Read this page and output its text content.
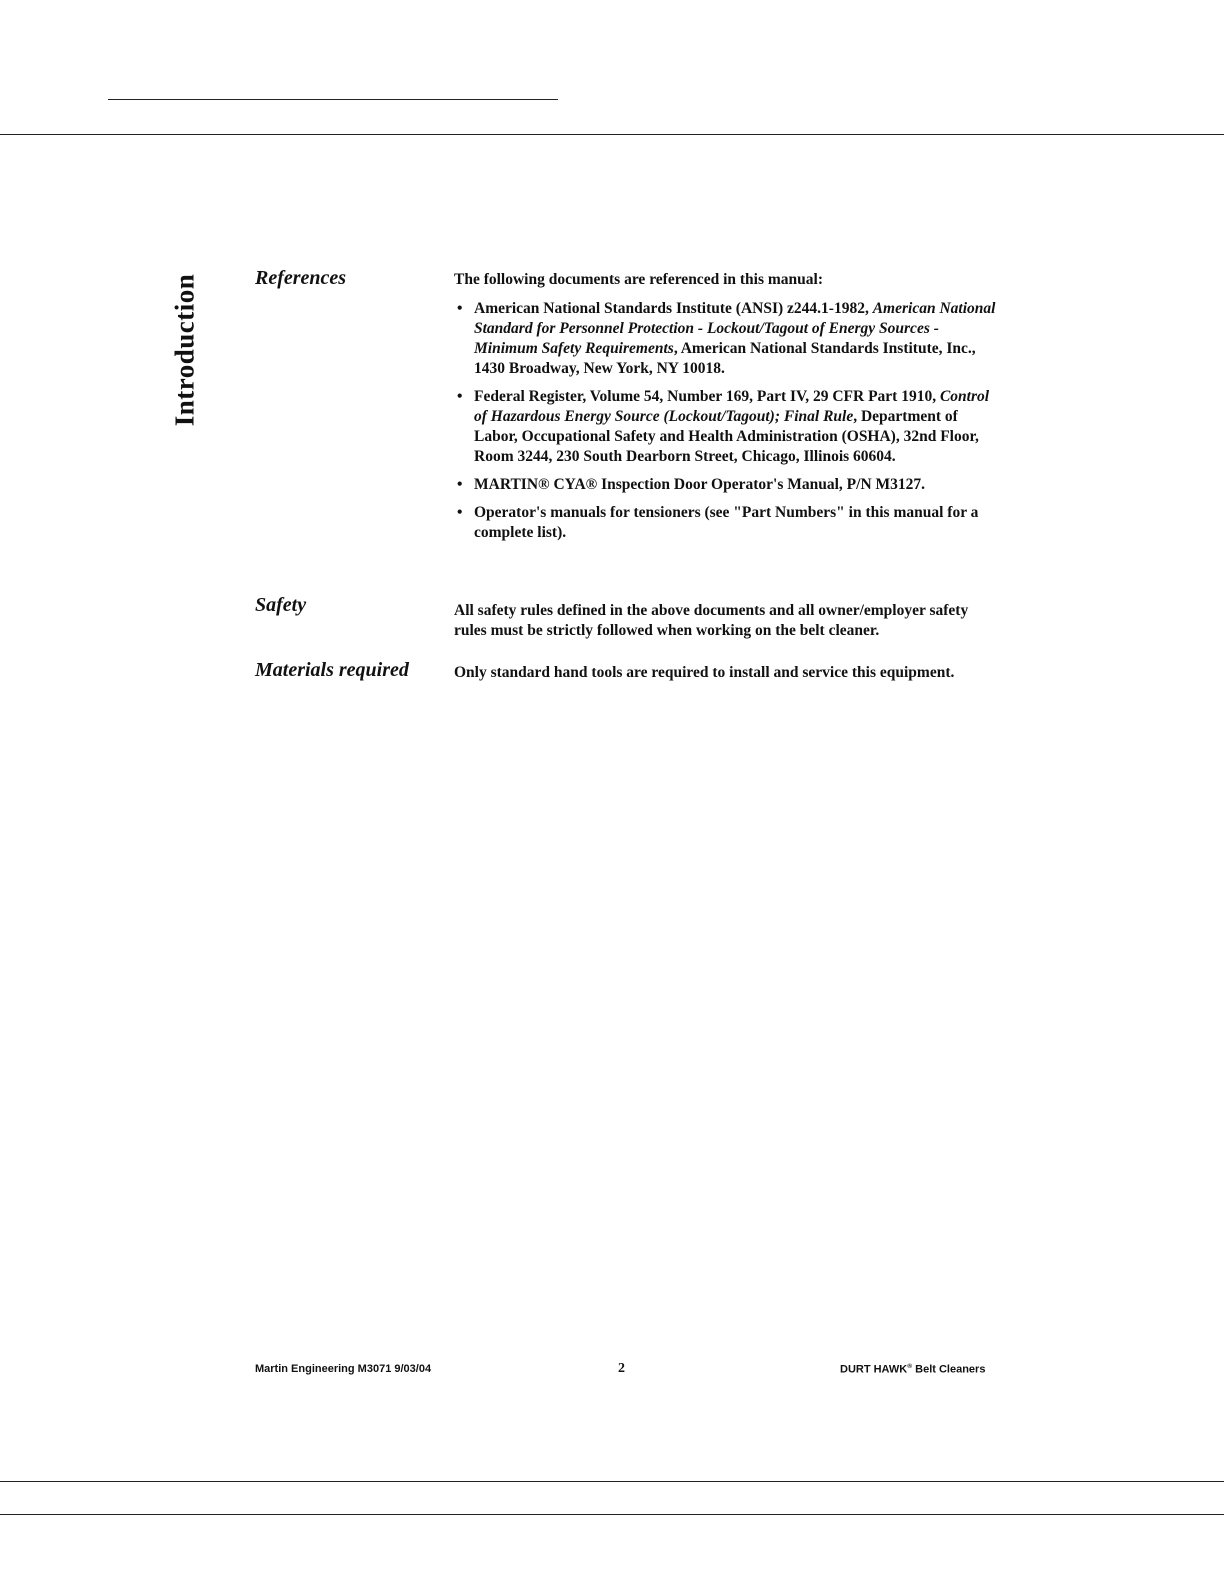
Introduction	References	The following documents are referenced in this manual:

• American National Standards Institute (ANSI) z244.1-1982, American National Standard for Personnel Protection - Lockout/Tagout of Energy Sources - Minimum Safety Requirements, American National Standards Institute, Inc., 1430 Broadway, New York, NY 10018.
• Federal Register, Volume 54, Number 169, Part IV, 29 CFR Part 1910, Control of Hazardous Energy Source (Lockout/Tagout); Final Rule, Department of Labor, Occupational Safety and Health Administration (OSHA), 32nd Floor, Room 3244, 230 South Dearborn Street, Chicago, Illinois 60604.
• MARTIN® CYA® Inspection Door Operator's Manual, P/N M3127.
• Operator's manuals for tensioners (see "Part Numbers" in this manual for a complete list).
Safety	All safety rules defined in the above documents and all owner/employer safety rules must be strictly followed when working on the belt cleaner.
Materials required	Only standard hand tools are required to install and service this equipment.
Martin Engineering M3071 9/03/04	2	DURT HAWK® Belt Cleaners
